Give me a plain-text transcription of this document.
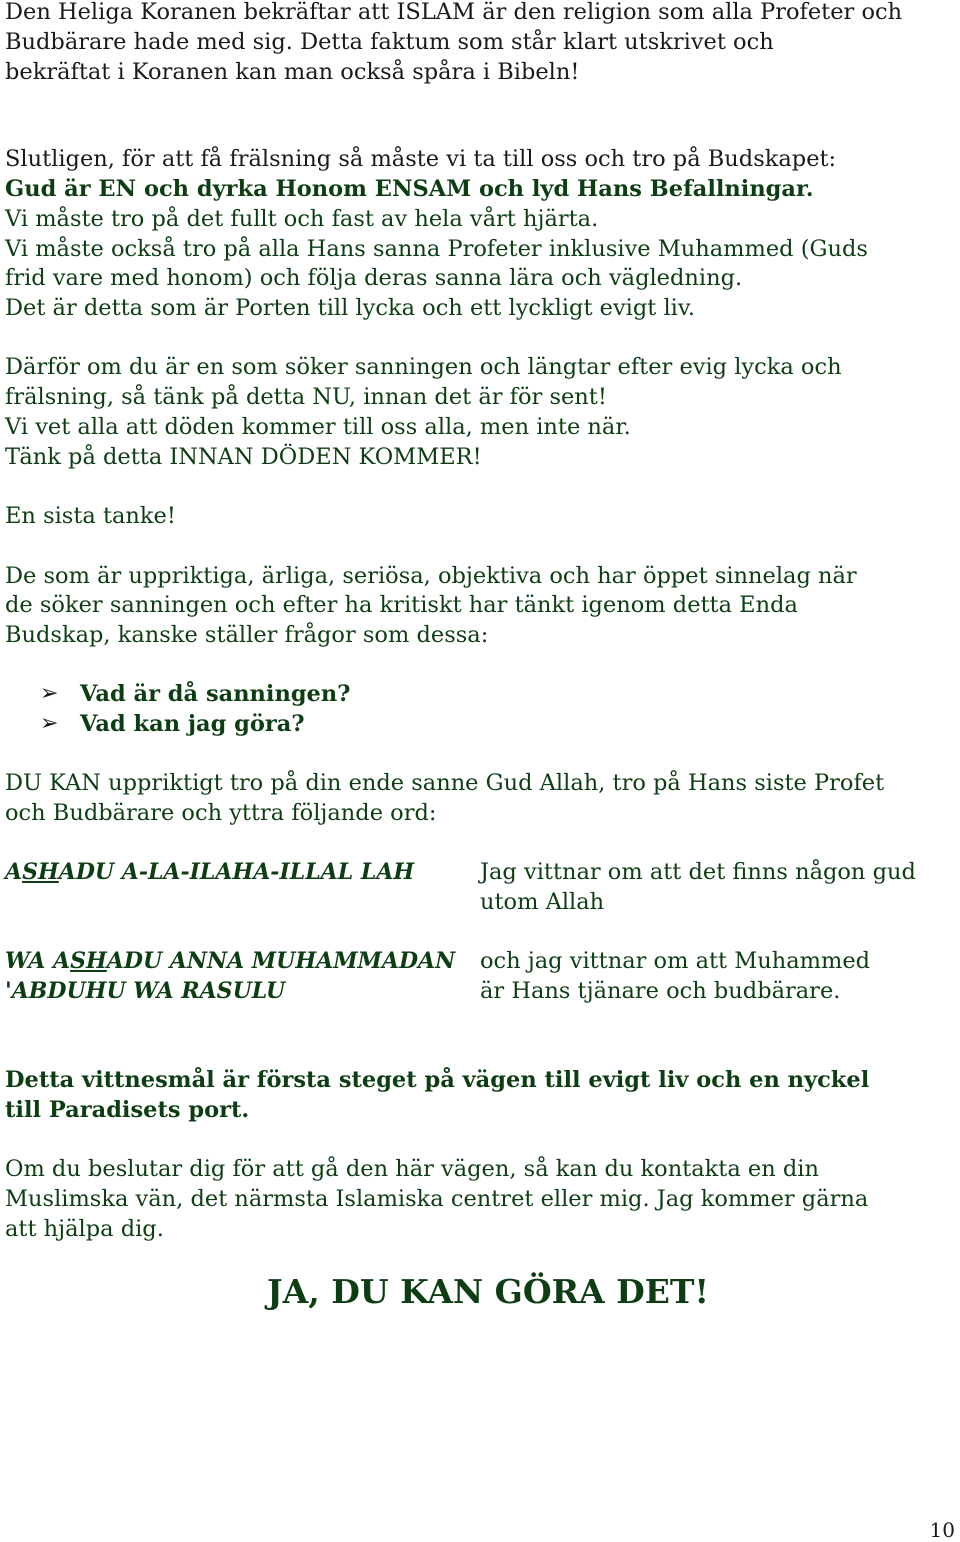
Den Heliga Koranen bekräftar att ISLAM är den religion som alla Profeter och
Budbärare hade med sig. Detta faktum som står klart utskrivet och
bekräftat i Koranen kan man också spåra i Bibeln!
Slutligen, för att få frälsning så måste vi ta till oss och tro på Budskapet:
Gud är EN och dyrka Honom ENSAM och lyd Hans Befallningar.
Vi måste tro på det fullt och fast av hela vårt hjärta.
Vi måste också tro på alla Hans sanna Profeter inklusive Muhammed (Guds
frid vare med honom) och följa deras sanna lära och vägledning.
Det är detta som är Porten till lycka och ett lyckligt evigt liv.
Därför om du är en som söker sanningen och längtar efter evig lycka och
frälsning, så tänk på detta NU, innan det är för sent!
Vi vet alla att döden kommer till oss alla, men inte när.
Tänk på detta INNAN DÖDEN KOMMER!
En sista tanke!
De som är uppriktiga, ärliga, seriösa, objektiva och har öppet sinnelag när
de söker sanningen och efter ha kritiskt har tänkt igenom detta Enda
Budskap, kanske ställer frågor som dessa:
➢ Vad är då sanningen?
➢ Vad kan jag göra?
DU KAN uppriktigt tro på din ende sanne Gud Allah, tro på Hans siste Profet
och Budbärare och yttra följande ord:
ASHADU A-LA-ILAHA-ILLAL LAH	Jag vittnar om att det finns någon gud
utom Allah
WA ASHADU ANNA MUHAMMADAN
'ABDUHU WA RASULU
och jag vittnar om att Muhammed
är Hans tjänare och budbärare.
Detta vittnesmål är första steget på vägen till evigt liv och en nyckel
till Paradisets port.
Om du beslutar dig för att gå den här vägen, så kan du kontakta en din
Muslimska vän, det närmsta Islamiska centret eller mig. Jag kommer gärna
att hjälpa dig.
JA, DU KAN GÖRA DET!
10
